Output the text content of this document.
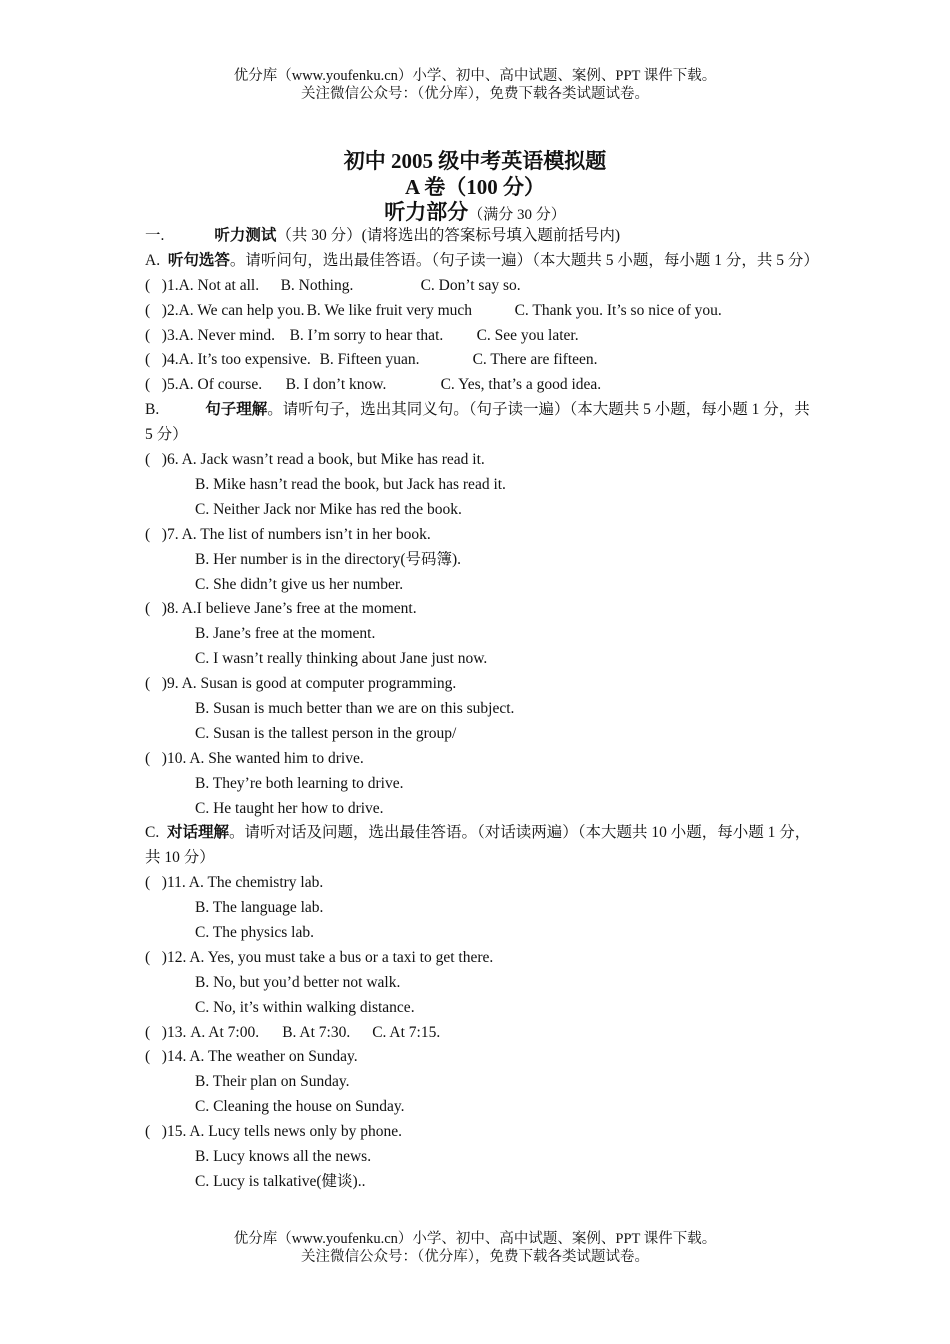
优分库（www.youfenku.cn）小学、初中、高中试题、案例、PPT 课件下载。
关注微信公众号：（优分库），免费下载各类试题试卷。
初中 2005 级中考英语模拟题
A 卷（100 分）
听力部分（满分 30 分）
一.	听力测试（共 30 分）(请将选出的答案标号填入题前括号内)
A. 听句选答。请听问句，选出最佳答语。（句子读一遍）（本大题共 5 小题，每小题 1 分，共 5 分）
(   )1.A. Not at all. B. Nothing.	C. Don’t say so.
(   )2.A. We can help you. B. We like fruit very much	C. Thank you. It’s so nice of you.
(   )3.A. Never mind. B. I’m sorry to hear that. C. See you later.
(   )4.A. It’s too expensive. B. Fifteen yuan.	C. There are fifteen.
(   )5.A. Of course. B. I don’t know.	C. Yes, that’s a good idea.
B.	句子理解。请听句子，选出其同义句。（句子读一遍）（本大题共 5 小题，每小题 1 分，共 5 分）
(   )6. A. Jack wasn’t read a book, but Mike has read it.
B. Mike hasn’t read the book, but Jack has read it.
C. Neither Jack nor Mike has red the book.
(   )7. A. The list of numbers isn’t in her book.
B. Her number is in the directory(号码簿).
C. She didn’t give us her number.
(   )8. A.I believe Jane’s free at the moment.
B. Jane’s free at the moment.
C. I wasn’t really thinking about Jane just now.
(   )9. A. Susan is good at computer programming.
B. Susan is much better than we are on this subject.
C. Susan is the tallest person in the group/
(   )10. A. She wanted him to drive.
B. They’re both learning to drive.
C. He taught her how to drive.
C. 对话理解。请听对话及问题，选出最佳答语。（对话读两遍）（本大题共 10 小题，每小题 1 分，共 10 分）
(   )11. A. The chemistry lab.
B. The language lab.
C. The physics lab.
(   )12. A. Yes, you must take a bus or a taxi to get there.
B. No, but you’d better not walk.
C. No, it’s within walking distance.
(   )13. A. At 7:00. B. At 7:30. C. At 7:15.
(   )14. A. The weather on Sunday.
B. Their plan on Sunday.
C. Cleaning the house on Sunday.
(   )15. A. Lucy tells news only by phone.
B. Lucy knows all the news.
C. Lucy is talkative(健谈)..
优分库（www.youfenku.cn）小学、初中、高中试题、案例、PPT 课件下载。
关注微信公众号：（优分库），免费下载各类试题试卷。
